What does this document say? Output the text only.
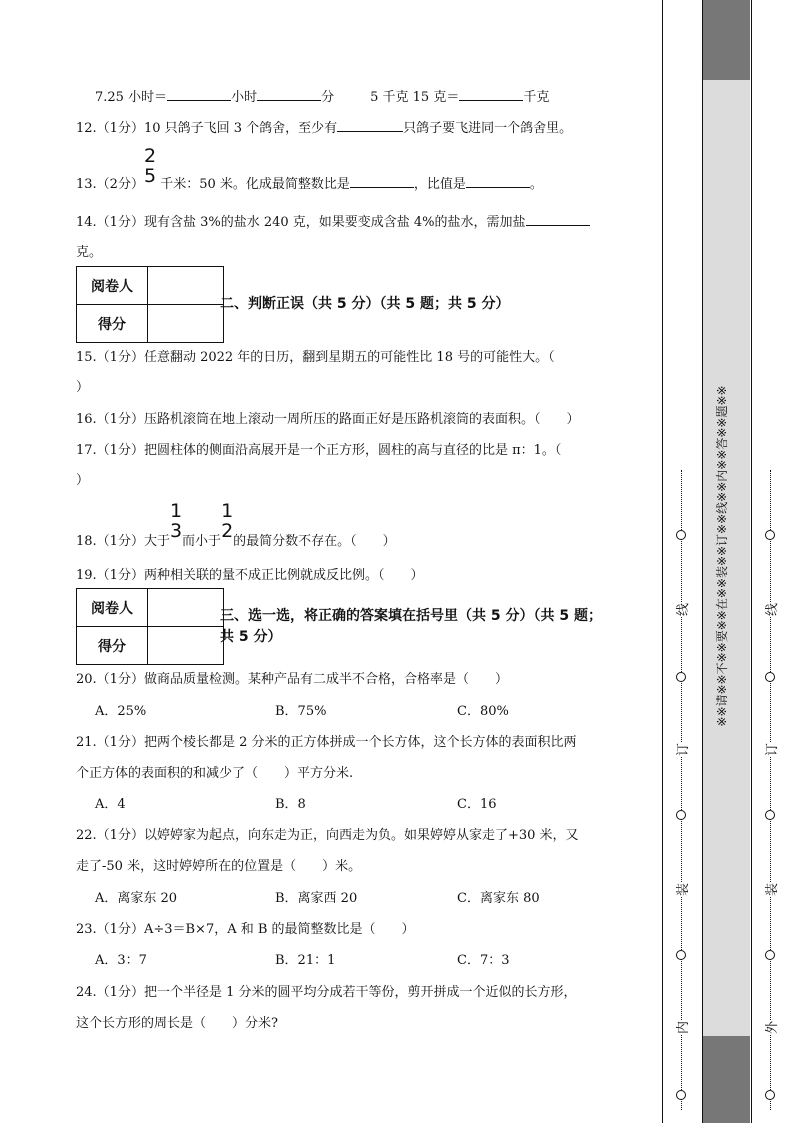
7.25 小时＝	小时	分	5 千克 15 克＝	千克
12.（1分）10 只鸽子飞回 3 个鸽舍，至少有	只鸽子要飞进同一个鸽舍里。
13.（2分）
2
5 千米：50 米。化成最简整数比是	，比值是	。
14.（1分）现有含盐 3%的盐水 240 克，如果要变成含盐 4%的盐水，需加盐
克。
阅卷人	
得分	
二、判断正误（共 5 分）（共 5 题；共 5 分）
15.（1分）任意翻动 2022 年的日历，翻到星期五的可能性比 18 号的可能性大。（
）
16.（1分）压路机滚筒在地上滚动一周所压的路面正好是压路机滚筒的表面积。（　　）
17.（1分）把圆柱体的侧面沿高展开是一个正方形，圆柱的高与直径的比是 π：1。（
）
18.（1分）大于
1
3 而小于
1
2 的最简分数不存在。（　　）
19.（1分）两种相关联的量不成正比例就成反比例。（　　）
阅卷人	
得分	
三、选一选，将正确的答案填在括号里（共 5 分）（共 5 题；
共 5 分）
20.（1分）做商品质量检测。某种产品有二成半不合格，合格率是（　　）
A．25%	B．75%	C．80%
21.（1分）把两个棱长都是 2 分米的正方体拼成一个长方体，这个长方体的表面积比两
个正方体的表面积的和减少了（　　）平方分米.
A．4	B．8	C．16
22.（1分）以婷婷家为起点，向东走为正，向西走为负。如果婷婷从家走了+30 米，又
走了-50 米，这时婷婷所在的位置是（　　）米。
A．离家东 20	B．离家西 20	C．离家东 80
23.（1分）A÷3＝B×7，A 和 B 的最简整数比是（　　）
A．3：7	B．21：1	C．7：3
24.（1分）把一个半径是 1 分米的圆平均分成若干等份，剪开拼成一个近似的长方形，
这个长方形的周长是（　　）分米?
※※请※※不※※要※※在※※装※※订※※线※※内※※答※※题※※
线
订
装
内
线
订
装
外
